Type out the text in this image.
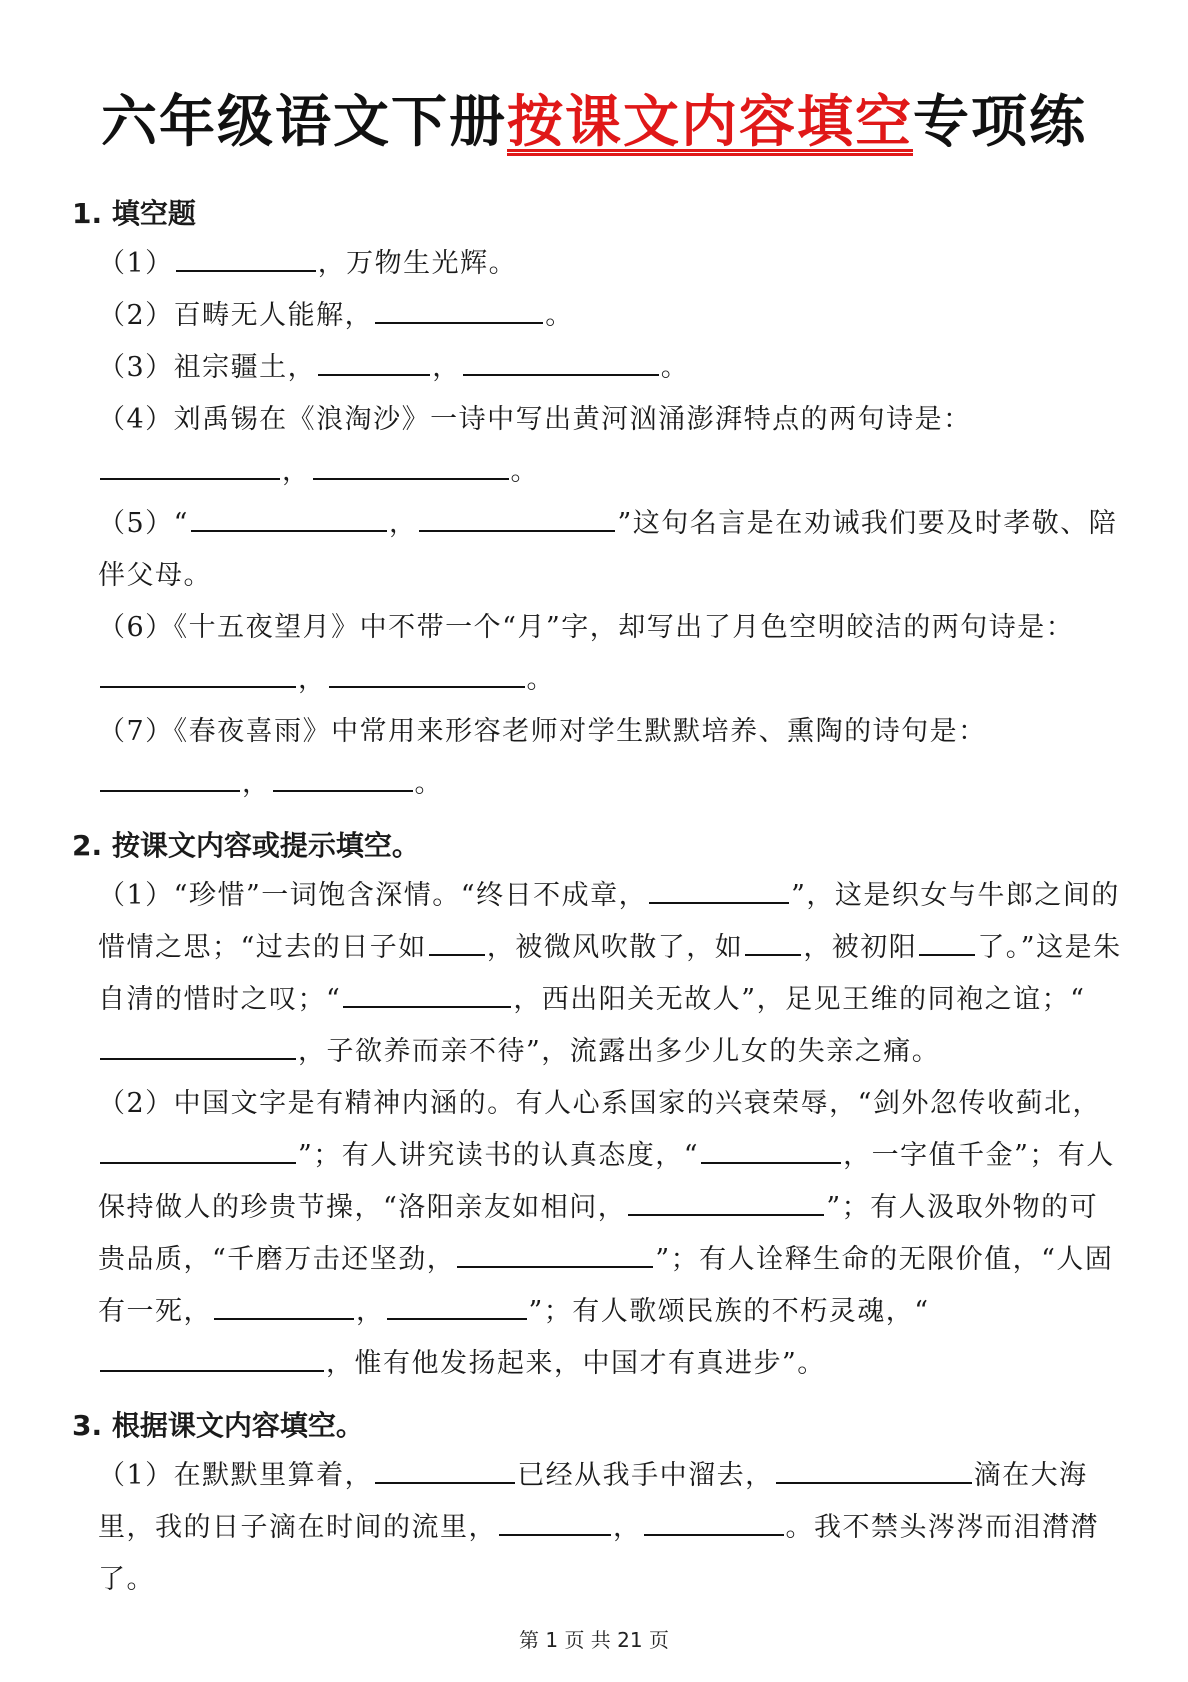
六年级语文下册按课文内容填空专项练
1. 填空题
（1）	，万物生光辉。
（2）百畴无人能解，	。
（3）祖宗疆土，	，	。
（4）刘禹锡在《浪淘沙》一诗中写出黄河汹涌澎湃特点的两句诗是：，	。
（5）“	，	”这句名言是在劝诫我们要及时孝敬、陪伴父母。
（6）《十五夜望月》中不带一个“月”字，却写出了月色空明皎洁的两句诗是：，	。
（7）《春夜喜雨》中常用来形容老师对学生默默培养、熏陶的诗句是：，	。
2. 按课文内容或提示填空。
（1）“珍惜”一词饱含深情。“终日不成章，	”，这是织女与牛郎之间的惜情之思；“过去的日子如 ，被微风吹散了，如 ，被初阳 了。”这是朱自清的惜时之叹；“	，西出阳关无故人”，足见王维的同袍之谊；“，子欲养而亲不待”，流露出多少儿女的失亲之痛。
（2）中国文字是有精神内涵的。有人心系国家的兴衰荣辱，“剑外忽传收蓟北，”；有人讲究读书的认真态度，“	，一字值千金”；有人保持做人的珍贵节操，“洛阳亲友如相问，	”；有人汲取外物的可贵品质，“千磨万击还坚劲，	”；有人诠释生命的无限价值，“人固有一死，	，	”；有人歌颂民族的不朽灵魂，“，惟有他发扬起来，中国才有真进步”。
3. 根据课文内容填空。
（1）在默默里算着，	已经从我手中溜去，	滴在大海里，我的日子滴在时间的流里，	，	。我不禁头涔涔而泪潸潸了。
第 1 页 共 21 页
